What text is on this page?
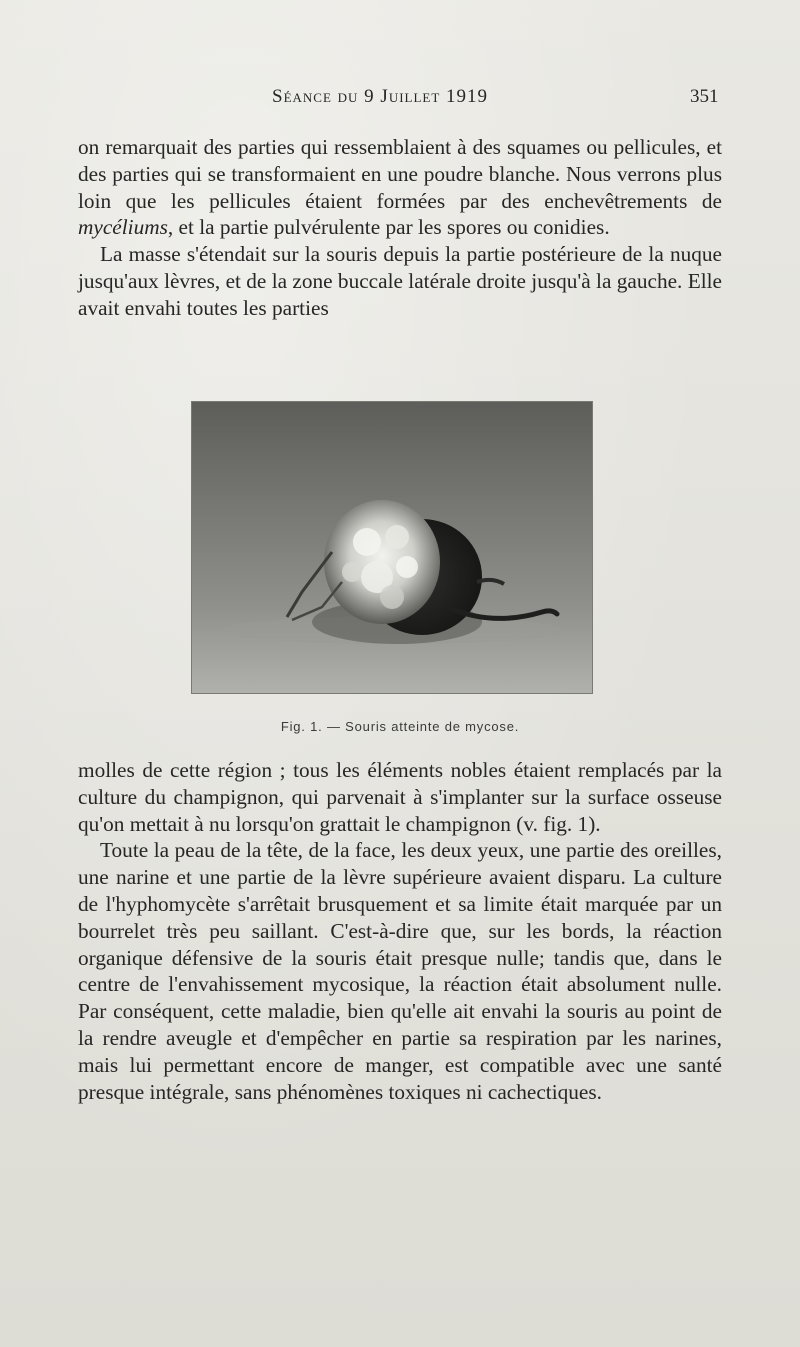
Séance du 9 Juillet 1919	351

on remarquait des parties qui ressemblaient à des squames ou pellicules, et des parties qui se transformaient en une poudre blanche. Nous verrons plus loin que les pellicules étaient formées par des enchevêtrements de mycéliums, et la partie pulvérulente par les spores ou conidies.

La masse s'étendait sur la souris depuis la partie postérieure de la nuque jusqu'aux lèvres, et de la zone buccale latérale droite jusqu'à la gauche. Elle avait envahi toutes les parties

Fig. 1. — Souris atteinte de mycose.

molles de cette région ; tous les éléments nobles étaient remplacés par la culture du champignon, qui parvenait à s'implanter sur la surface osseuse qu'on mettait à nu lorsqu'on grattait le champignon (v. fig. 1).

Toute la peau de la tête, de la face, les deux yeux, une partie des oreilles, une narine et une partie de la lèvre supérieure avaient disparu. La culture de l'hyphomycète s'arrêtait brusquement et sa limite était marquée par un bourrelet très peu saillant. C'est-à-dire que, sur les bords, la réaction organique défensive de la souris était presque nulle; tandis que, dans le centre de l'envahissement mycosique, la réaction était absolument nulle. Par conséquent, cette maladie, bien qu'elle ait envahi la souris au point de la rendre aveugle et d'empêcher en partie sa respiration par les narines, mais lui permettant encore de manger, est compatible avec une santé presque intégrale, sans phénomènes toxiques ni cachectiques.
